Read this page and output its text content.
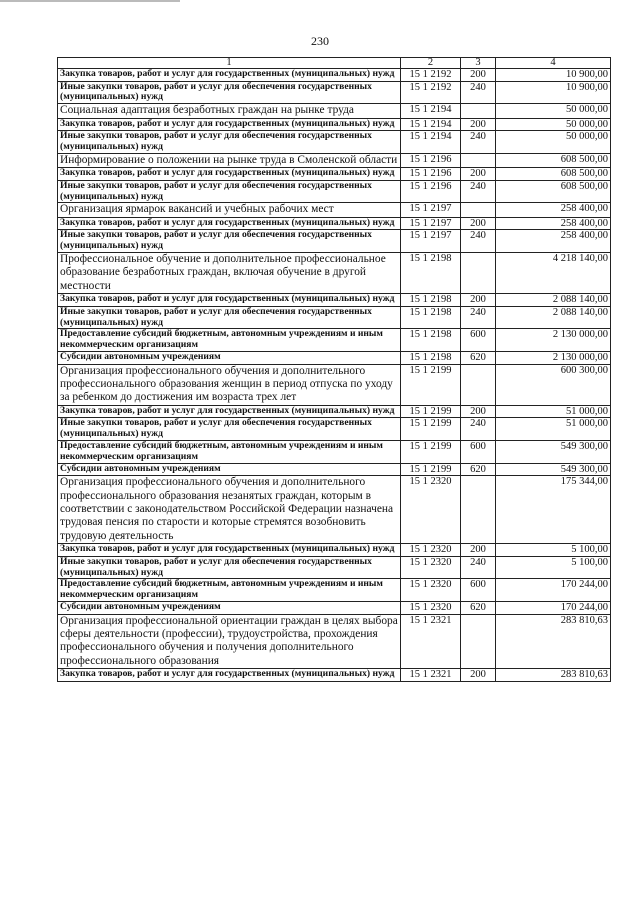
230
1	2	3	4
Закупка товаров, работ и услуг для государственных (муниципальных) нужд	15 1 2192	200	10 900,00
Иные закупки товаров, работ и услуг для обеспечения государственных (муниципальных) нужд	15 1 2192	240	10 900,00
Социальная адаптация безработных граждан на рынке труда	15 1 2194		50 000,00
Закупка товаров, работ и услуг для государственных (муниципальных) нужд	15 1 2194	200	50 000,00
Иные закупки товаров, работ и услуг для обеспечения государственных (муниципальных) нужд	15 1 2194	240	50 000,00
Информирование о положении на рынке труда в Смоленской области	15 1 2196		608 500,00
Закупка товаров, работ и услуг для государственных (муниципальных) нужд	15 1 2196	200	608 500,00
Иные закупки товаров, работ и услуг для обеспечения государственных (муниципальных) нужд	15 1 2196	240	608 500,00
Организация ярмарок вакансий и учебных рабочих мест	15 1 2197		258 400,00
Закупка товаров, работ и услуг для государственных (муниципальных) нужд	15 1 2197	200	258 400,00
Иные закупки товаров, работ и услуг для обеспечения государственных (муниципальных) нужд	15 1 2197	240	258 400,00
Профессиональное обучение и дополнительное профессиональное образование безработных граждан, включая обучение в другой местности	15 1 2198		4 218 140,00
Закупка товаров, работ и услуг для государственных (муниципальных) нужд	15 1 2198	200	2 088 140,00
Иные закупки товаров, работ и услуг для обеспечения государственных (муниципальных) нужд	15 1 2198	240	2 088 140,00
Предоставление субсидий бюджетным, автономным учреждениям и иным некоммерческим организациям	15 1 2198	600	2 130 000,00
Субсидии автономным учреждениям	15 1 2198	620	2 130 000,00
Организация профессионального обучения и дополнительного профессионального образования женщин в период отпуска по уходу за ребенком до достижения им возраста трех лет	15 1 2199		600 300,00
Закупка товаров, работ и услуг для государственных (муниципальных) нужд	15 1 2199	200	51 000,00
Иные закупки товаров, работ и услуг для обеспечения государственных (муниципальных) нужд	15 1 2199	240	51 000,00
Предоставление субсидий бюджетным, автономным учреждениям и иным некоммерческим организациям	15 1 2199	600	549 300,00
Субсидии автономным учреждениям	15 1 2199	620	549 300,00
Организация профессионального обучения и дополнительного профессионального образования незанятых граждан, которым в соответствии с законодательством Российской Федерации назначена трудовая пенсия по старости и которые стремятся возобновить трудовую деятельность	15 1 2320		175 344,00
Закупка товаров, работ и услуг для государственных (муниципальных) нужд	15 1 2320	200	5 100,00
Иные закупки товаров, работ и услуг для обеспечения государственных (муниципальных) нужд	15 1 2320	240	5 100,00
Предоставление субсидий бюджетным, автономным учреждениям и иным некоммерческим организациям	15 1 2320	600	170 244,00
Субсидии автономным учреждениям	15 1 2320	620	170 244,00
Организация профессиональной ориентации граждан в целях выбора сферы деятельности (профессии), трудоустройства, прохождения профессионального обучения и получения дополнительного профессионального образования	15 1 2321		283 810,63
Закупка товаров, работ и услуг для государственных (муниципальных) нужд	15 1 2321	200	283 810,63
